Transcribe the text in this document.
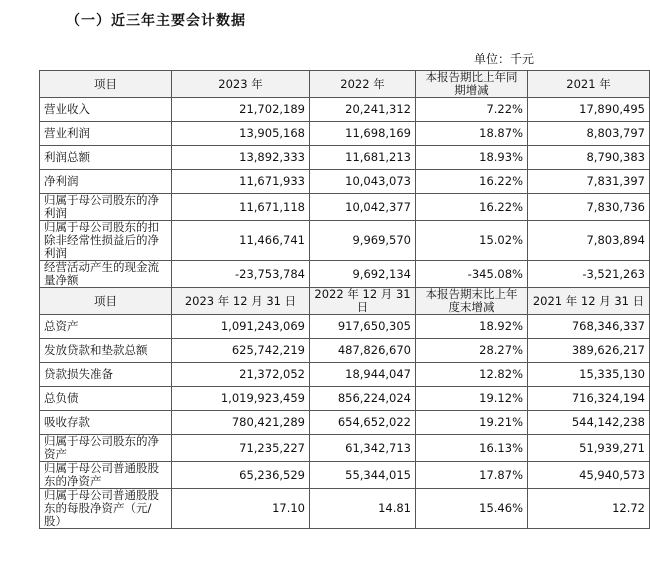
（一）近三年主要会计数据
单位：千元
项目	2023 年	2022 年	本报告期比上年同期增减	2021 年
营业收入	21,702,189	20,241,312	7.22%	17,890,495
营业利润	13,905,168	11,698,169	18.87%	8,803,797
利润总额	13,892,333	11,681,213	18.93%	8,790,383
净利润	11,671,933	10,043,073	16.22%	7,831,397
归属于母公司股东的净利润	11,671,118	10,042,377	16.22%	7,830,736
归属于母公司股东的扣除非经常性损益后的净利润	11,466,741	9,969,570	15.02%	7,803,894
经营活动产生的现金流量净额	-23,753,784	9,692,134	-345.08%	-3,521,263
项目	2023 年 12 月 31 日	2022 年 12 月 31 日	本报告期末比上年度末增减	2021 年 12 月 31 日
总资产	1,091,243,069	917,650,305	18.92%	768,346,337
发放贷款和垫款总额	625,742,219	487,826,670	28.27%	389,626,217
贷款损失准备	21,372,052	18,944,047	12.82%	15,335,130
总负债	1,019,923,459	856,224,024	19.12%	716,324,194
吸收存款	780,421,289	654,652,022	19.21%	544,142,238
归属于母公司股东的净资产	71,235,227	61,342,713	16.13%	51,939,271
归属于母公司普通股股东的净资产	65,236,529	55,344,015	17.87%	45,940,573
归属于母公司普通股股东的每股净资产（元/股）	17.10	14.81	15.46%	12.72
